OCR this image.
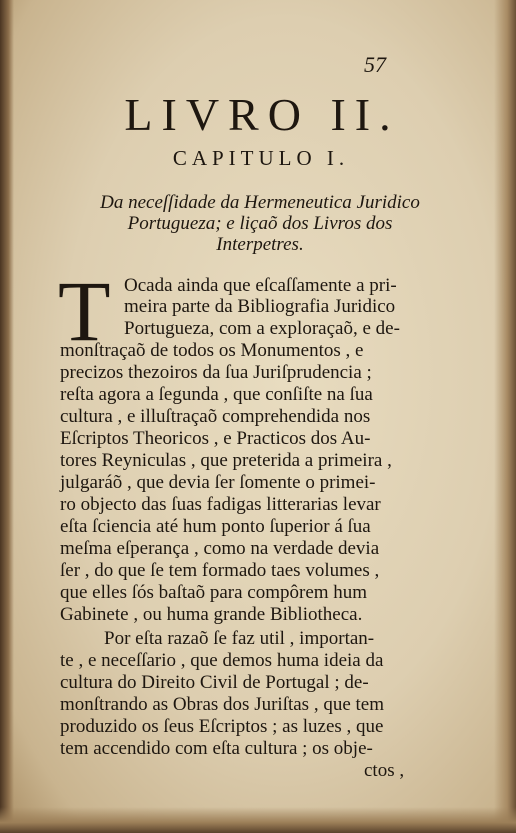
57
LIVRO II.
CAPITULO I.
Da neceſſidade da Hermeneutica Juridico
Portugueza; e liçaõ dos Livros dos
Interpetres.
T Ocada ainda que eſcaſſamente a pri-
meira parte da Bibliografia Juridico
Portugueza, com a exploraçaõ, e de-
monſtraçaõ de todos os Monumentos , e
precizos thezoiros da ſua Juriſprudencia ;
reſta agora a ſegunda , que conſiſte na ſua
cultura , e illuſtraçaõ comprehendida nos
Eſcriptos Theoricos , e Practicos dos Au-
tores Reyniculas , que preterida a primeira ,
julgaráõ , que devia ſer ſomente o primei-
ro objecto das ſuas fadigas litterarias levar
eſta ſciencia até hum ponto ſuperior á ſua
meſma eſperança , como na verdade devia
ſer , do que ſe tem formado taes volumes ,
que elles ſós baſtaõ para compôrem hum
Gabinete , ou huma grande Bibliotheca.
Por eſta razaõ ſe faz util , importan-
te , e neceſſario , que demos huma ideia da
cultura do Direito Civil de Portugal ; de-
monſtrando as Obras dos Juriſtas , que tem
produzido os ſeus Eſcriptos ; as luzes , que
tem accendido com eſta cultura ; os obje-
ctos ,
